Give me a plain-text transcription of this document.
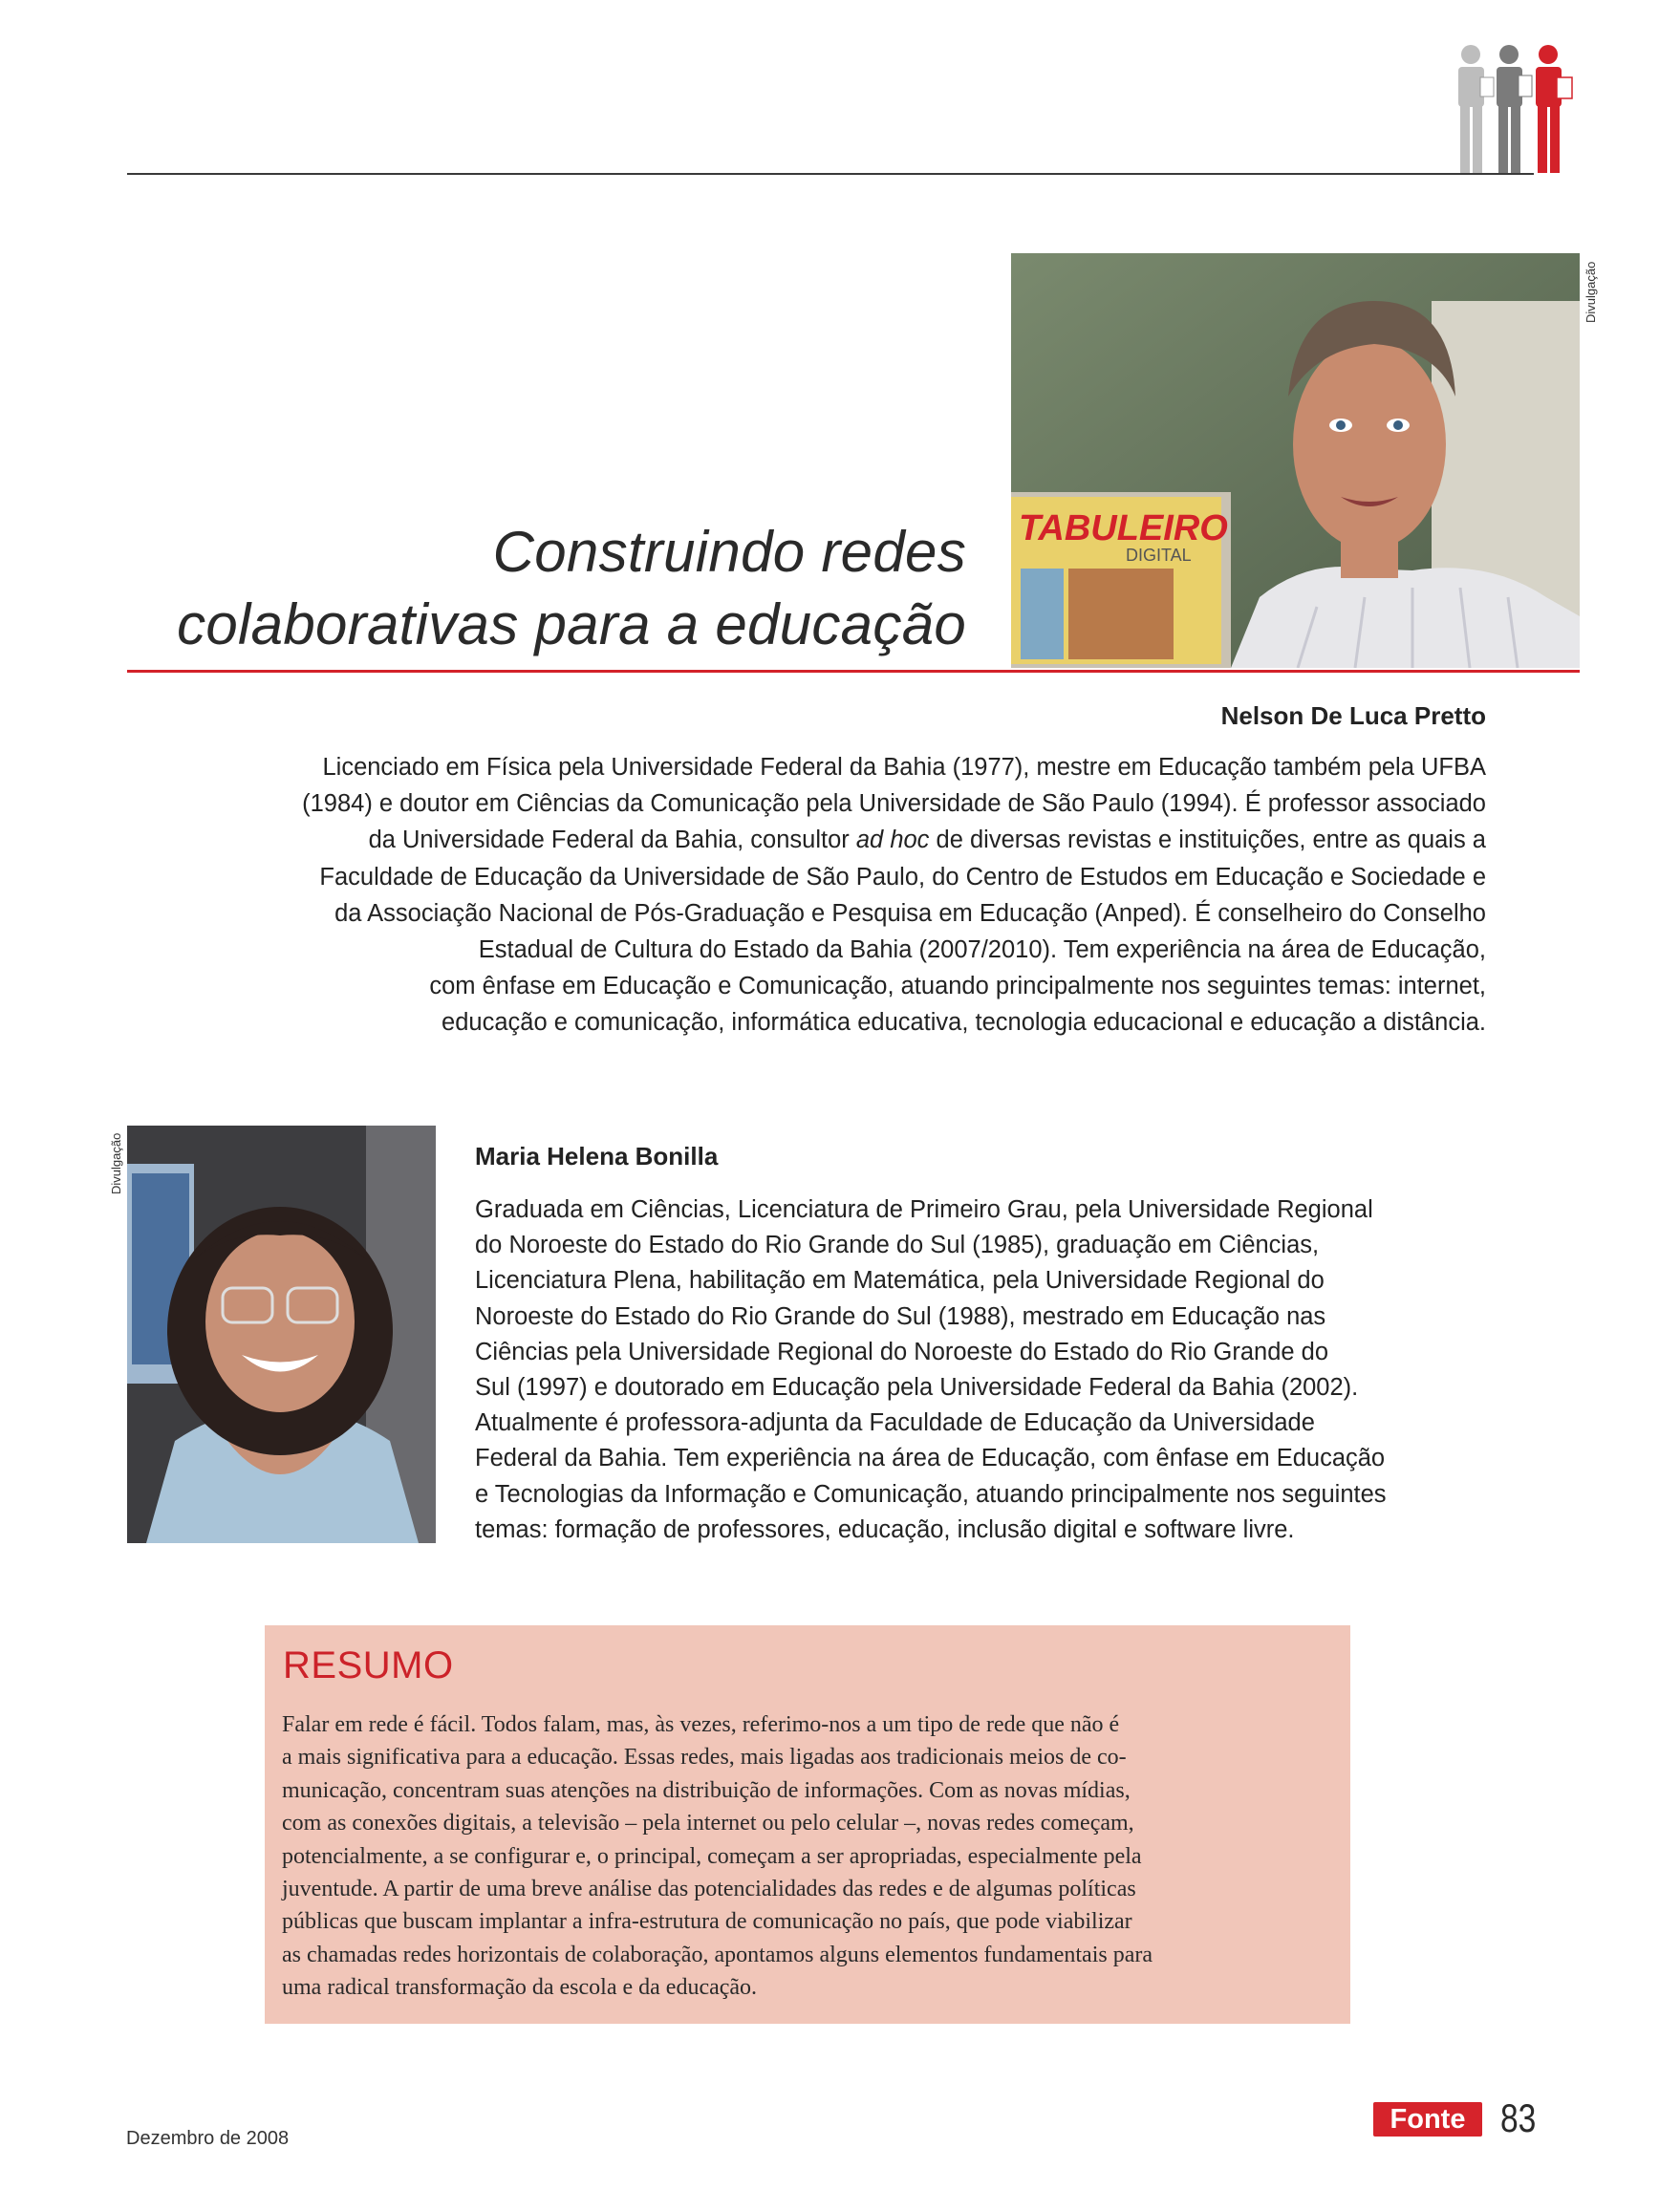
TABULEIRO
DIGITAL
Divulgação
Construindo redes
colaborativas para a educação
Nelson De Luca Pretto
Licenciado em Física pela Universidade Federal da Bahia (1977), mestre em Educação também pela UFBA
(1984) e doutor em Ciências da Comunicação pela Universidade de São Paulo (1994). É professor associado
da Universidade Federal da Bahia, consultor ad hoc de diversas revistas e instituições, entre as quais a
Faculdade de Educação da Universidade de São Paulo, do Centro de Estudos em Educação e Sociedade e
da Associação Nacional de Pós-Graduação e Pesquisa em Educação (Anped). É conselheiro do Conselho
Estadual de Cultura do Estado da Bahia (2007/2010). Tem experiência na área de Educação,
com ênfase em Educação e Comunicação, atuando principalmente nos seguintes temas: internet,
educação e comunicação, informática educativa, tecnologia educacional e educação a distância.
Divulgação	Maria Helena Bonilla
Graduada em Ciências, Licenciatura de Primeiro Grau, pela Universidade Regional
do Noroeste do Estado do Rio Grande do Sul (1985), graduação em Ciências,
Licenciatura Plena, habilitação em Matemática, pela Universidade Regional do
Noroeste do Estado do Rio Grande do Sul (1988), mestrado em Educação nas
Ciências pela Universidade Regional do Noroeste do Estado do Rio Grande do
Sul (1997) e doutorado em Educação pela Universidade Federal da Bahia (2002).
Atualmente é professora-adjunta da Faculdade de Educação da Universidade
Federal da Bahia. Tem experiência na área de Educação, com ênfase em Educação
e Tecnologias da Informação e Comunicação, atuando principalmente nos seguintes
temas: formação de professores, educação, inclusão digital e software livre.
RESUMO
Falar em rede é fácil. Todos falam, mas, às vezes, referimo-nos a um tipo de rede que não é
a mais significativa para a educação. Essas redes, mais ligadas aos tradicionais meios de co-
municação, concentram suas atenções na distribuição de informações. Com as novas mídias,
com as conexões digitais, a televisão – pela internet ou pelo celular –, novas redes começam,
potencialmente, a se configurar e, o principal, começam a ser apropriadas, especialmente pela
juventude. A partir de uma breve análise das potencialidades das redes e de algumas políticas
públicas que buscam implantar a infra-estrutura de comunicação no país, que pode viabilizar
as chamadas redes horizontais de colaboração, apontamos alguns elementos fundamentais para
uma radical transformação da escola e da educação.
Dezembro de 2008
Fonte 83
